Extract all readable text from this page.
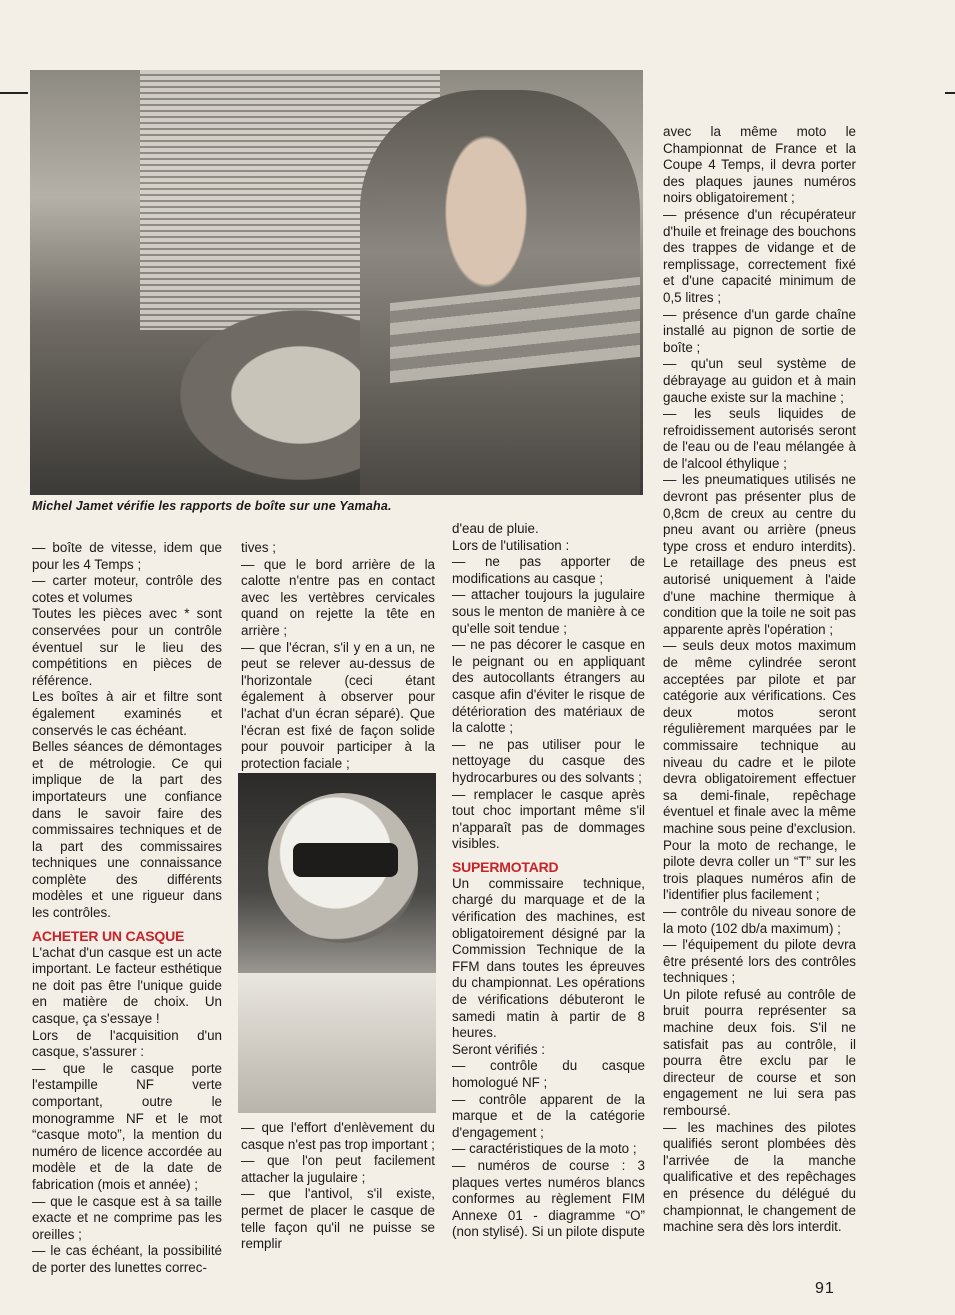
Michel Jamet vérifie les rapports de boîte sur une Yamaha.

— boîte de vitesse, idem que pour les 4 Temps ;
— carter moteur, contrôle des cotes et volumes
Toutes les pièces avec * sont conservées pour un contrôle éventuel sur le lieu des compétitions en pièces de référence.
Les boîtes à air et filtre sont également examinés et conservés le cas échéant.
Belles séances de démontages et de métrologie. Ce qui implique de la part des importateurs une confiance dans le savoir faire des commissaires techniques et de la part des commissaires techniques une connaissance complète des différents modèles et une rigueur dans les contrôles.

ACHETER UN CASQUE

L'achat d'un casque est un acte important. Le facteur esthétique ne doit pas être l'unique guide en matière de choix. Un casque, ça s'essaye !
Lors de l'acquisition d'un casque, s'assurer :
— que le casque porte l'estampille NF verte comportant, outre le monogramme NF et le mot “casque moto”, la mention du numéro de licence accordée au modèle et de la date de fabrication (mois et année) ;
— que le casque est à sa taille exacte et ne comprime pas les oreilles ;
— le cas échéant, la possibilité de porter des lunettes correc-

tives ;
— que le bord arrière de la calotte n'entre pas en contact avec les vertèbres cervicales quand on rejette la tête en arrière ;
— que l'écran, s'il y en a un, ne peut se relever au-dessus de l'horizontale (ceci étant également à observer pour l'achat d'un écran séparé). Que l'écran est fixé de façon solide pour pouvoir participer à la protection faciale ;

— que l'effort d'enlèvement du casque n'est pas trop important ;
— que l'on peut facilement attacher la jugulaire ;
— que l'antivol, s'il existe, permet de placer le casque de telle façon qu'il ne puisse se remplir

d'eau de pluie.
Lors de l'utilisation :
— ne pas apporter de modifications au casque ;
— attacher toujours la jugulaire sous le menton de manière à ce qu'elle soit tendue ;
— ne pas décorer le casque en le peignant ou en appliquant des autocollants étrangers au casque afin d'éviter le risque de détérioration des matériaux de la calotte ;
— ne pas utiliser pour le nettoyage du casque des hydrocarbures ou des solvants ;
— remplacer le casque après tout choc important même s'il n'apparaît pas de dommages visibles.

SUPERMOTARD

Un commissaire technique, chargé du marquage et de la vérification des machines, est obligatoirement désigné par la Commission Technique de la FFM dans toutes les épreuves du championnat. Les opérations de vérifications débuteront le samedi matin à partir de 8 heures.
Seront vérifiés :
— contrôle du casque homologué NF ;
— contrôle apparent de la marque et de la catégorie d'engagement ;
— caractéristiques de la moto ;
— numéros de course : 3 plaques vertes numéros blancs conformes au règlement FIM Annexe 01 - diagramme “O” (non stylisé). Si un pilote dispute

avec la même moto le Championnat de France et la Coupe 4 Temps, il devra porter des plaques jaunes numéros noirs obligatoirement ;
— présence d'un récupérateur d'huile et freinage des bouchons des trappes de vidange et de remplissage, correctement fixé et d'une capacité minimum de 0,5 litres ;
— présence d'un garde chaîne installé au pignon de sortie de boîte ;
— qu'un seul système de débrayage au guidon et à main gauche existe sur la machine ;
— les seuls liquides de refroidissement autorisés seront de l'eau ou de l'eau mélangée à de l'alcool éthylique ;
— les pneumatiques utilisés ne devront pas présenter plus de 0,8cm de creux au centre du pneu avant ou arrière (pneus type cross et enduro interdits). Le retaillage des pneus est autorisé uniquement à l'aide d'une machine thermique à condition que la toile ne soit pas apparente après l'opération ;
— seuls deux motos maximum de même cylindrée seront acceptées par pilote et par catégorie aux vérifications. Ces deux motos seront régulièrement marquées par le commissaire technique au niveau du cadre et le pilote devra obligatoirement effectuer sa demi-finale, repêchage éventuel et finale avec la même machine sous peine d'exclusion. Pour la moto de rechange, le pilote devra coller un “T” sur les trois plaques numéros afin de l'identifier plus facilement ;
— contrôle du niveau sonore de la moto (102 db/a maximum) ;
— l'équipement du pilote devra être présenté lors des contrôles techniques ;
Un pilote refusé au contrôle de bruit pourra représenter sa machine deux fois. S'il ne satisfait pas au contrôle, il pourra être exclu par le directeur de course et son engagement ne lui sera pas remboursé.
— les machines des pilotes qualifiés seront plombées dès l'arrivée de la manche qualificative et des repêchages en présence du délégué du championnat, le changement de machine sera dès lors interdit.

91
